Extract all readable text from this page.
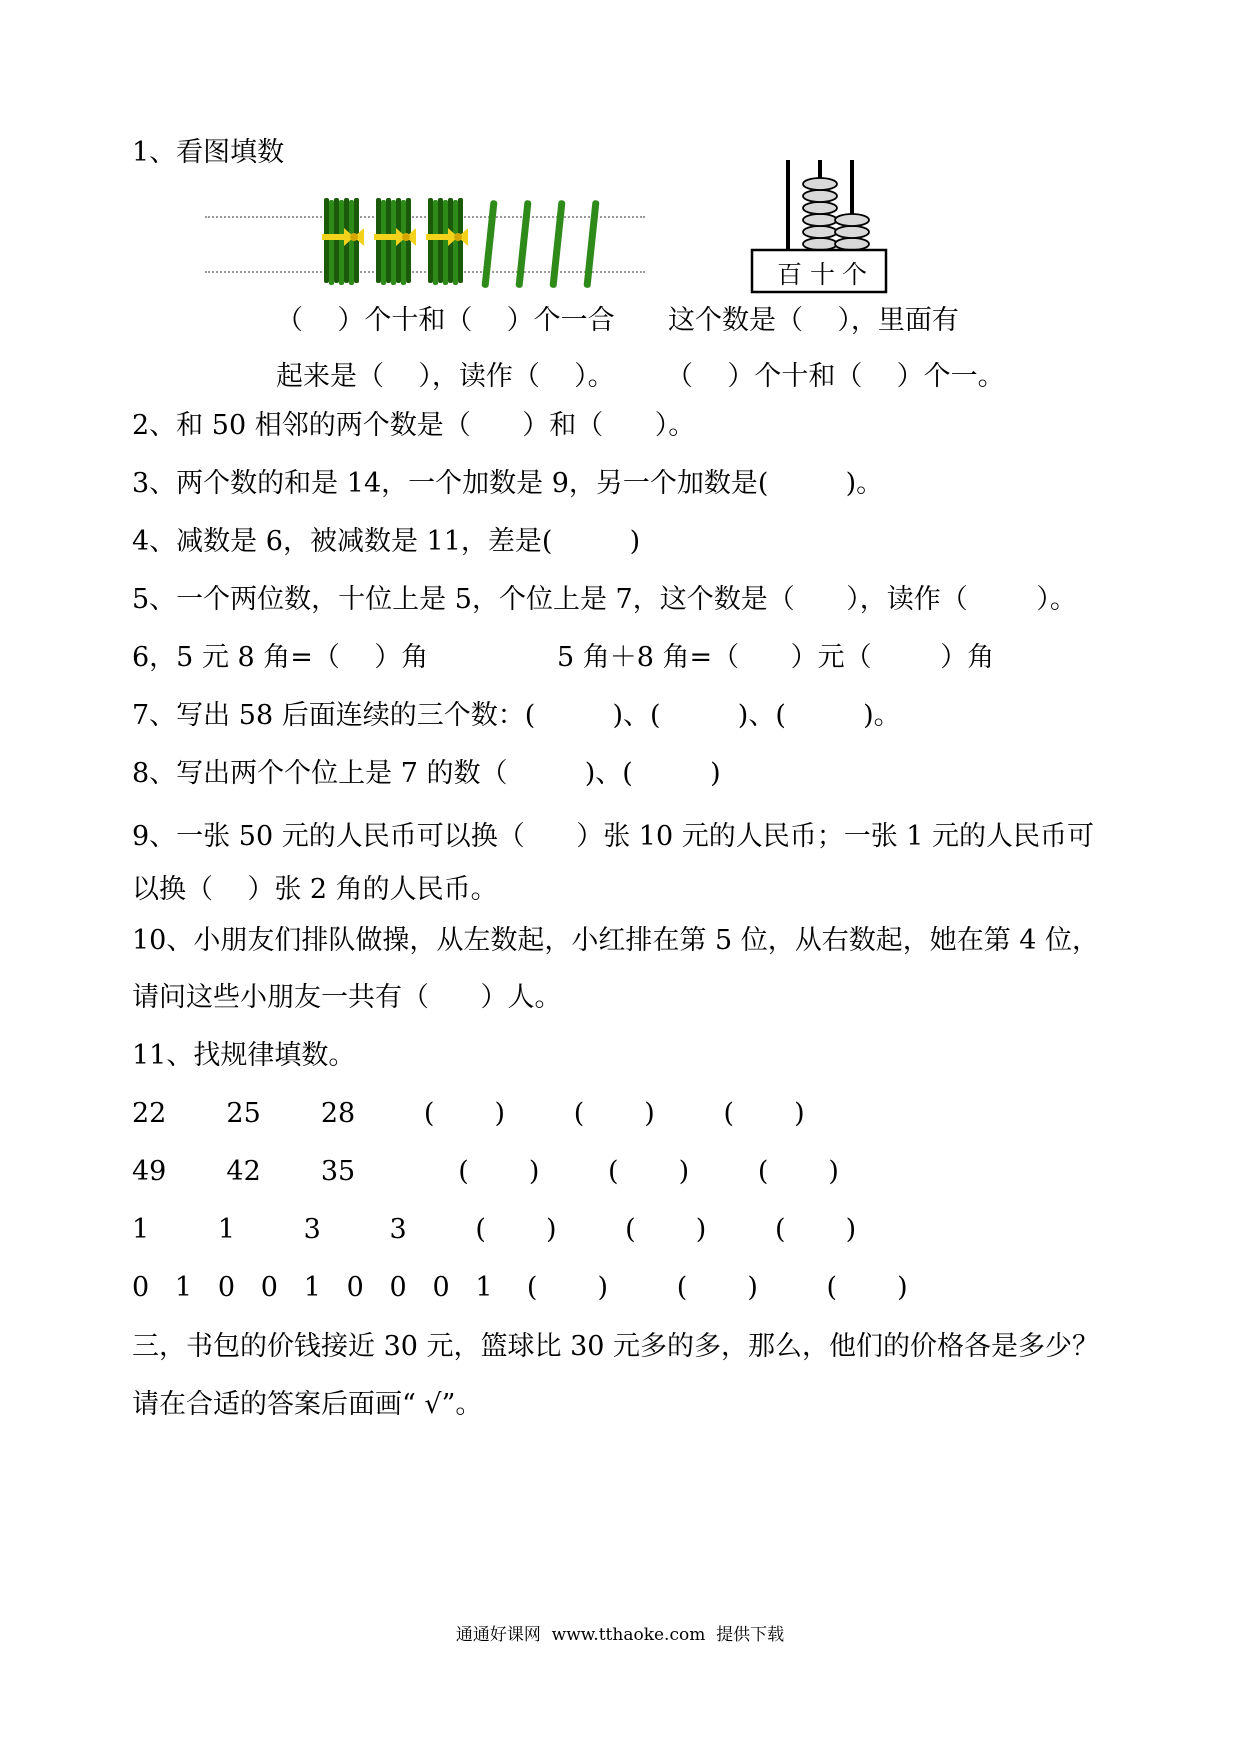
1、看图填数
百 十 个
（    ）个十和（    ）个一合 这个数是（    ），里面有
起来是（    ），读作（    ）。 （    ）个十和（    ）个一。
2、和 50 相邻的两个数是（      ）和（      ）。
3、两个数的和是 14，一个加数是 9，另一个加数是(         )。
4、减数是 6，被减数是 11，差是(         )
5、一个两位数，十位上是 5，个位上是 7，这个数是（      ），读作（        ）。
6，5 元 8 角=（    ）角               5 角＋8 角=（      ）元（        ）角
7、写出 58 后面连续的三个数：(         )、(         )、(         )。
8、写出两个个位上是 7 的数（         )、(         )
9、一张 50 元的人民币可以换（      ）张 10 元的人民币；一张 1 元的人民币可
以换（    ）张 2 角的人民币。
10、小朋友们排队做操，从左数起，小红排在第 5 位，从右数起，她在第 4 位，
请问这些小朋友一共有（      ）人。
11、找规律填数。
22       25       28        (       )        (       )        (       )
49       42       35            (       )        (       )        (       )
1        1        3        3        (       )        (       )        (       )
0   1   0   0   1   0   0   0   1    (       )        (       )        (       )
三，书包的价钱接近 30 元，篮球比 30 元多的多，那么，他们的价格各是多少？
请在合适的答案后面画“ √”。
通通好课网  www.tthaoke.com  提供下载
